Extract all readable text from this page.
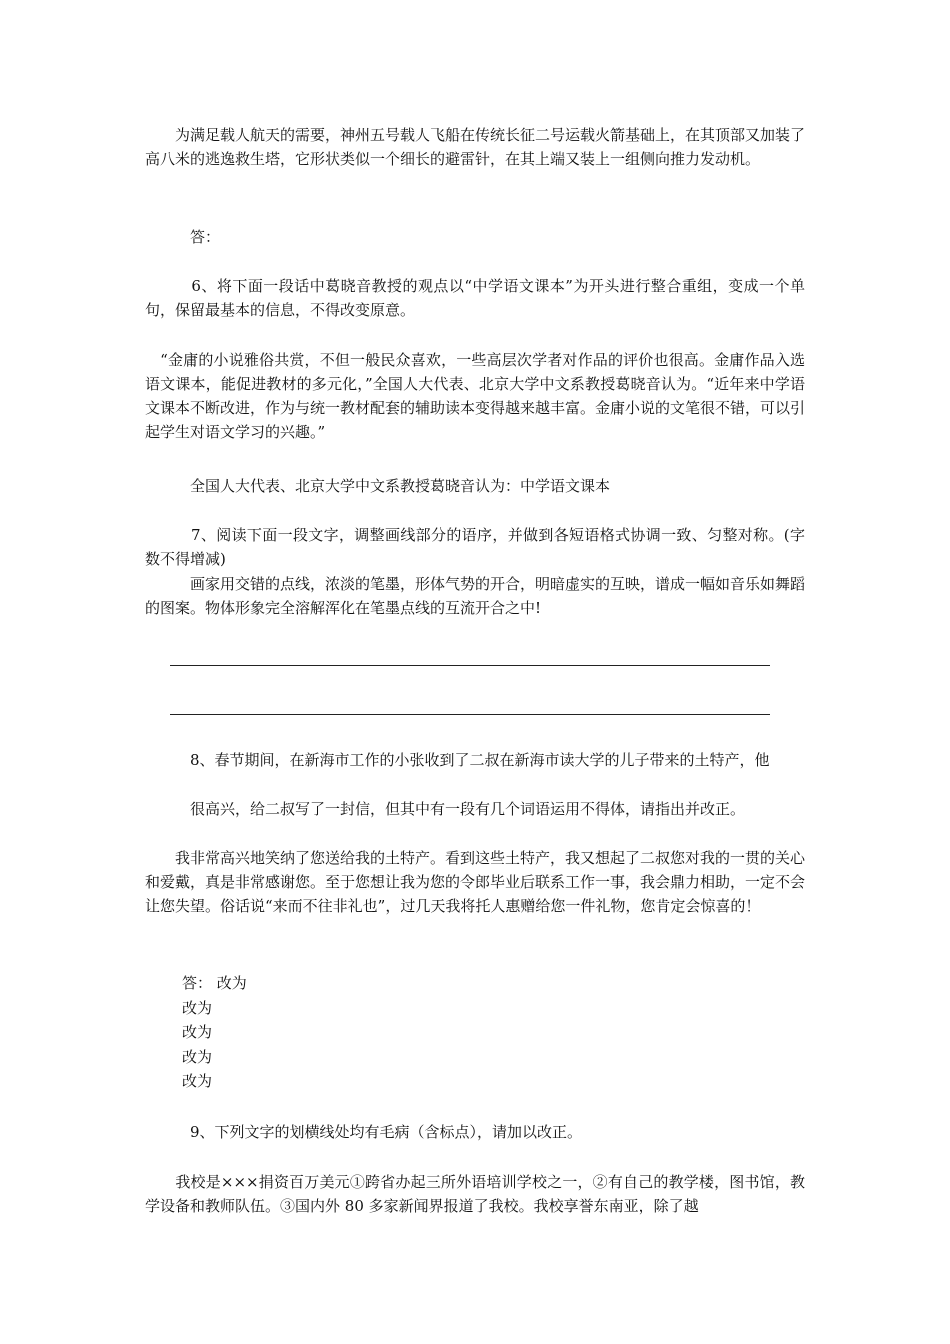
　　为满足载人航天的需要，神州五号载人飞船在传统长征二号运载火箭基础上，在其顶部又加装了高八米的逃逸救生塔，它形状类似一个细长的避雷针，在其上端又装上一组侧向推力发动机。

　　　答：

　　　6、将下面一段话中葛晓音教授的观点以“中学语文课本”为开头进行整合重组，变成一个单句，保留最基本的信息，不得改变原意。

　“金庸的小说雅俗共赏，不但一般民众喜欢，一些高层次学者对作品的评价也很高。金庸作品入选语文课本，能促进教材的多元化，”全国人大代表、北京大学中文系教授葛晓音认为。“近年来中学语文课本不断改进，作为与统一教材配套的辅助读本变得越来越丰富。金庸小说的文笔很不错，可以引起学生对语文学习的兴趣。”

　　　全国人大代表、北京大学中文系教授葛晓音认为：中学语文课本

　　　7、阅读下面一段文字，调整画线部分的语序，并做到各短语格式协调一致、匀整对称。(字数不得增减)

　　　画家用交错的点线，浓淡的笔墨，形体气势的开合，明暗虚实的互映，谱成一幅如音乐如舞蹈的图案。物体形象完全溶解浑化在笔墨点线的互流开合之中!

　　　8、春节期间，在新海市工作的小张收到了二叔在新海市读大学的儿子带来的土特产，他

　　　很高兴，给二叔写了一封信，但其中有一段有几个词语运用不得体，请指出并改正。

　　我非常高兴地笑纳了您送给我的土特产。看到这些土特产，我又想起了二叔您对我的一贯的关心和爱戴，真是非常感谢您。至于您想让我为您的令郎毕业后联系工作一事，我会鼎力相助，一定不会让您失望。俗话说“来而不往非礼也”，过几天我将托人惠赠给您一件礼物，您肯定会惊喜的！

答： 改为

改为

改为

改为

改为

　　　9、下列文字的划横线处均有毛病（含标点），请加以改正。

　　我校是×××捐资百万美元①跨省办起三所外语培训学校之一，②有自己的教学楼，图书馆，教学设备和教师队伍。③国内外 80 多家新闻界报道了我校。我校享誉东南亚，除了越
